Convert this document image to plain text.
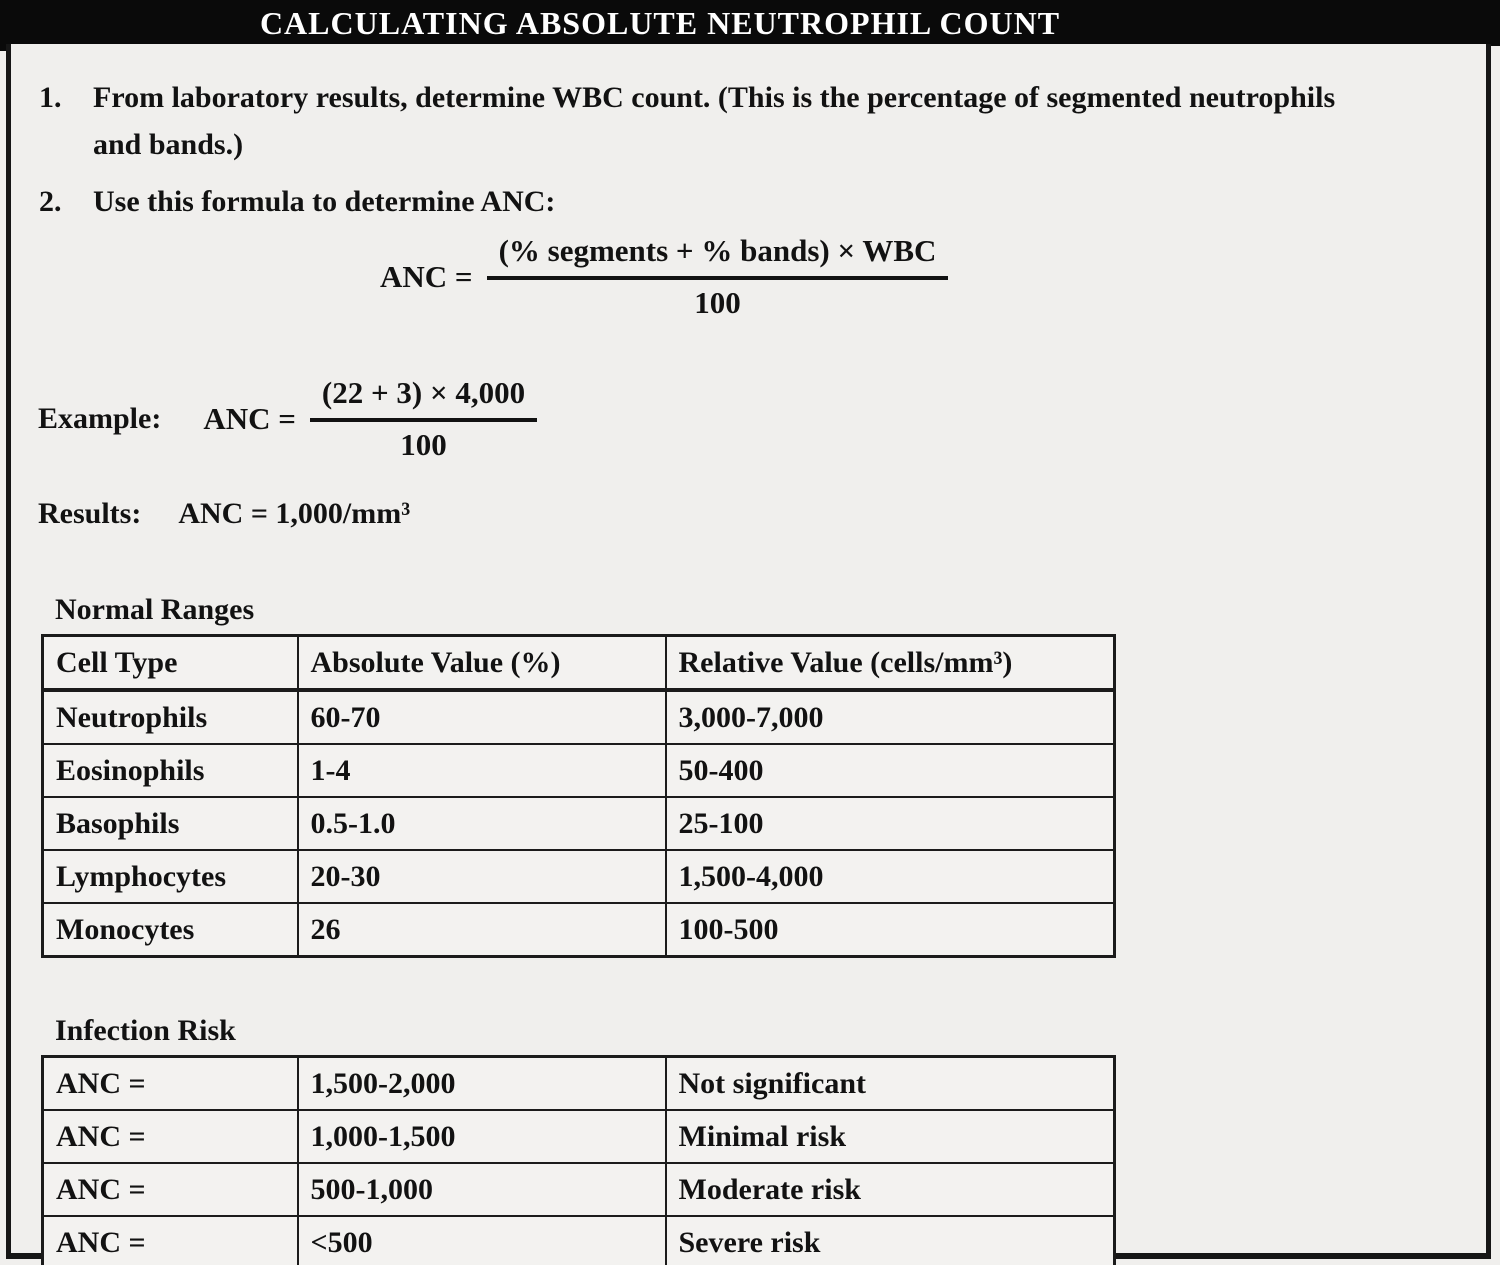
CALCULATING ABSOLUTE NEUTROPHIL COUNT
1.	From laboratory results, determine WBC count. (This is the percentage of segmented neutrophils
and bands.)
2.	Use this formula to determine ANC:
ANC = $\frac{\text{(\% segments + \% bands) × WBC}}{100}$
Example: ANC = $\frac{(22 + 3) \times 4,000}{100}$
Results: ANC = 1,000/mm³
Normal Ranges
Cell Type	Absolute Value (%)	Relative Value (cells/mm³)
Neutrophils	60-70	3,000-7,000
Eosinophils	1-4	50-400
Basophils	0.5-1.0	25-100
Lymphocytes	20-30	1,500-4,000
Monocytes	26	100-500
Infection Risk
ANC =	1,500-2,000	Not significant
ANC =	1,000-1,500	Minimal risk
ANC =	500-1,000	Moderate risk
ANC =	<500	Severe risk
